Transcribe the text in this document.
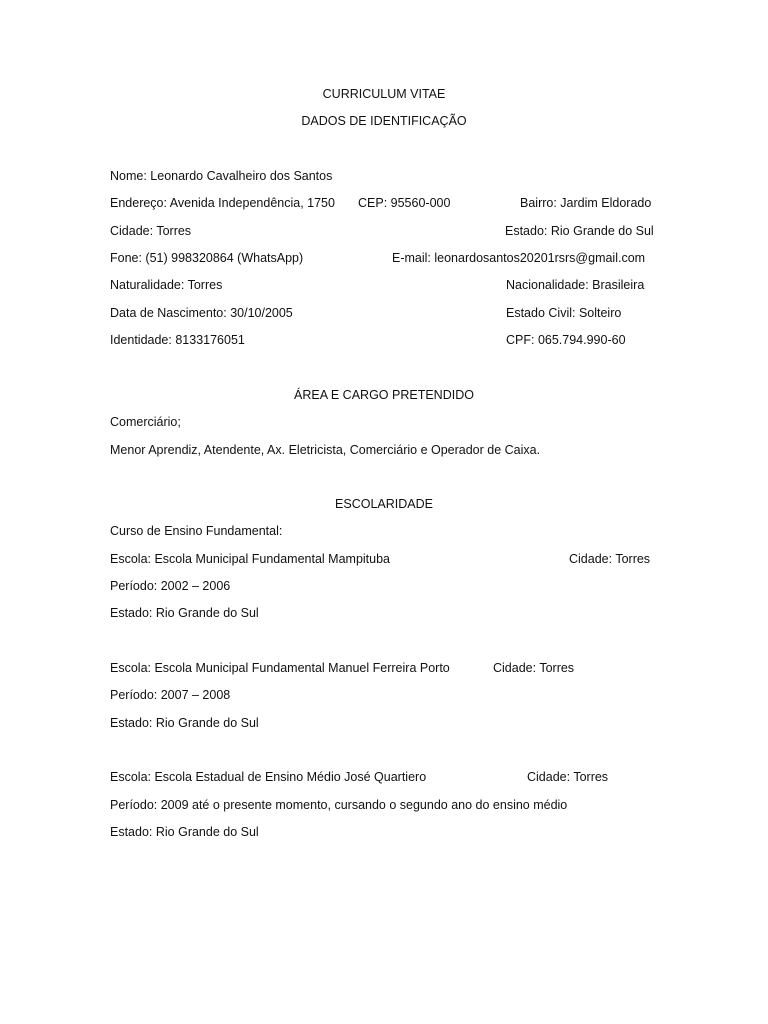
CURRICULUM VITAE
DADOS DE IDENTIFICAÇÃO
Nome: Leonardo Cavalheiro dos Santos
Endereço: Avenida Independência, 1750 CEP: 95560-000	Bairro: Jardim Eldorado
Cidade: Torres	Estado: Rio Grande do Sul
Fone: (51) 998320864 (WhatsApp)	E-mail: leonardosantos20201rsrs@gmail.com
Naturalidade: Torres	Nacionalidade: Brasileira
Data de Nascimento: 30/10/2005	Estado Civil: Solteiro
Identidade: 8133176051	CPF: 065.794.990-60
ÁREA E CARGO PRETENDIDO
Comerciário;
Menor Aprendiz, Atendente, Ax. Eletricista, Comerciário e Operador de Caixa.
ESCOLARIDADE
Curso de Ensino Fundamental:
Escola: Escola Municipal Fundamental Mampituba	Cidade: Torres
Período: 2002 – 2006
Estado: Rio Grande do Sul
Escola: Escola Municipal Fundamental Manuel Ferreira Porto	Cidade: Torres
Período: 2007 – 2008
Estado: Rio Grande do Sul
Escola: Escola Estadual de Ensino Médio José Quartiero	Cidade: Torres
Período: 2009 até o presente momento, cursando o segundo ano do ensino médio
Estado: Rio Grande do Sul
